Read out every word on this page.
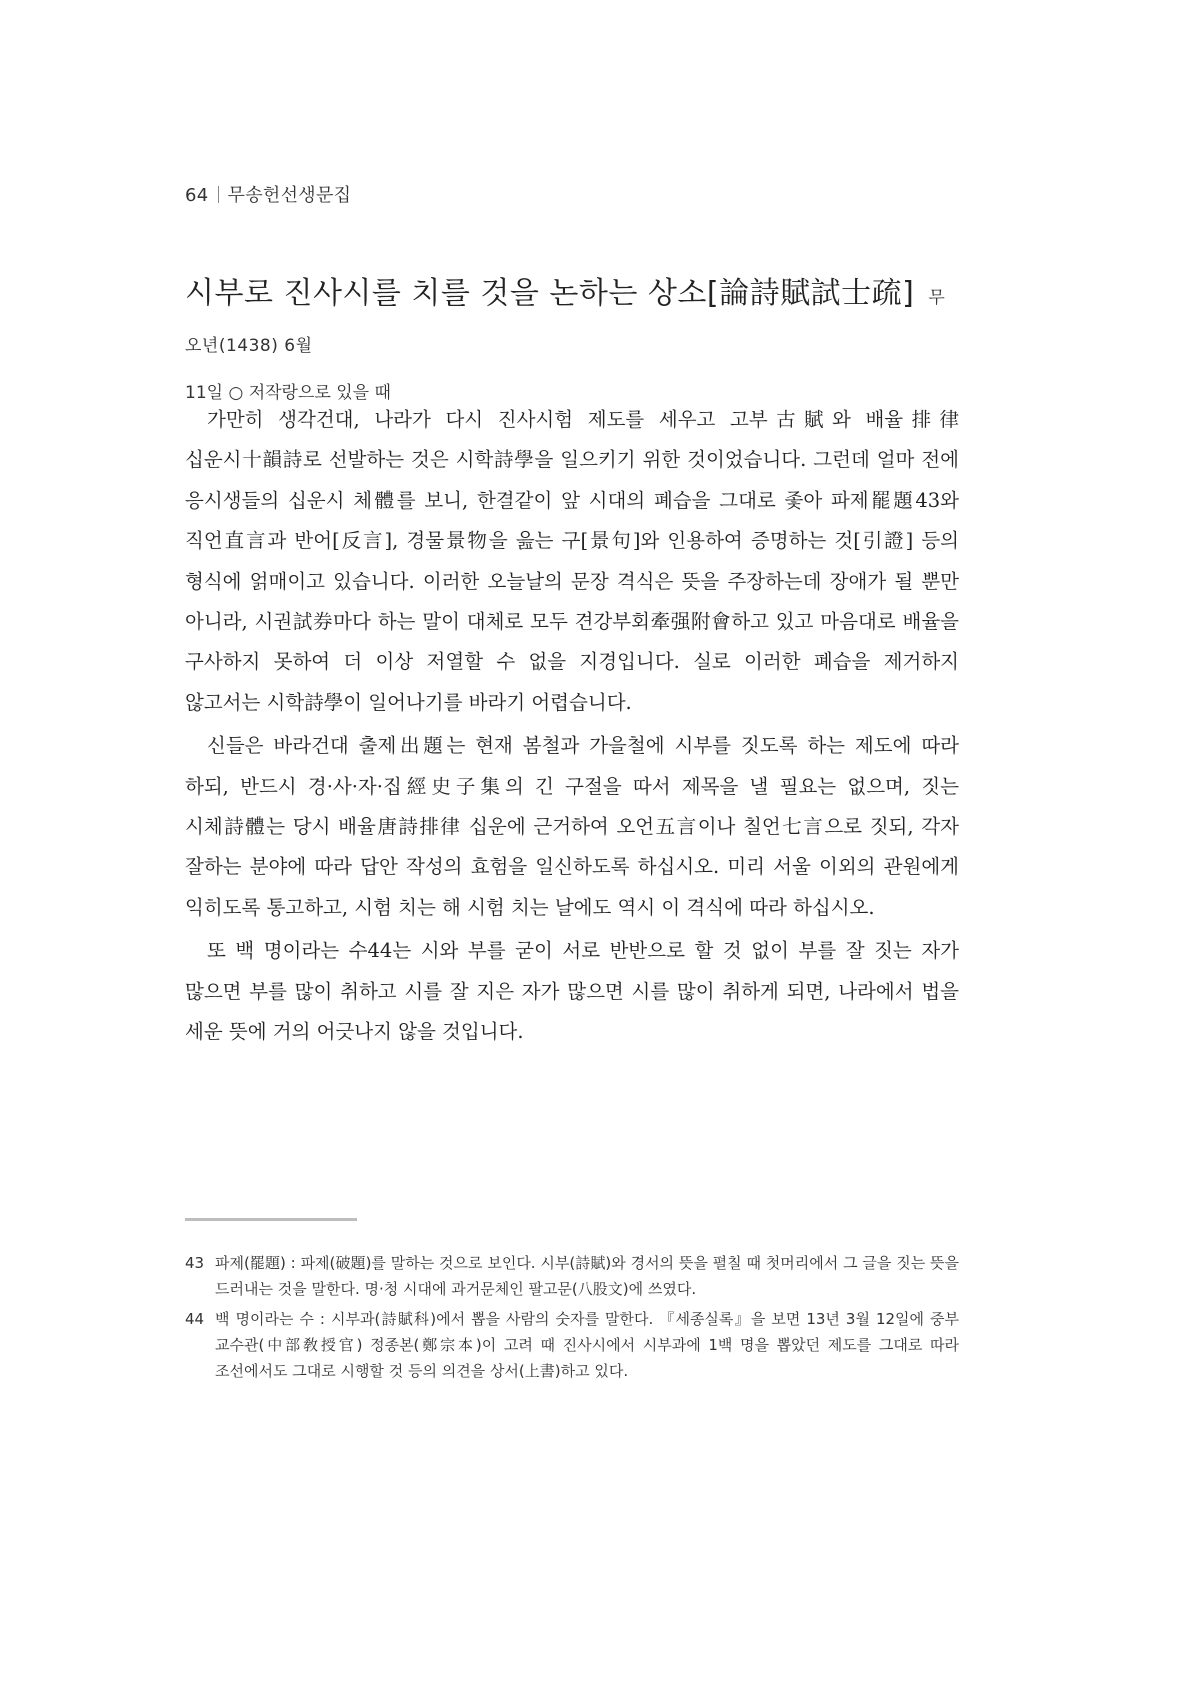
64 무송헌선생문집
시부로 진사시를 치를 것을 논하는 상소[論詩賦試士疏] 무오년(1438) 6월
11일 ○ 저작랑으로 있을 때

가만히 생각건대, 나라가 다시 진사시험 제도를 세우고 고부古賦와 배율排律 십운시十韻詩로 선발하는 것은 시학詩學을 일으키기 위한 것이었습니다. 그런데 얼마 전에 응시생들의 십운시 체體를 보니, 한결같이 앞 시대의 폐습을 그대로 좇아 파제罷題43와 직언直言과 반어[反言], 경물景物을 읊는 구[景句]와 인용하여 증명하는 것[引證] 등의 형식에 얽매이고 있습니다. 이러한 오늘날의 문장 격식은 뜻을 주장하는데 장애가 될 뿐만 아니라, 시권試券마다 하는 말이 대체로 모두 견강부회牽强附會하고 있고 마음대로 배율을 구사하지 못하여 더 이상 저열할 수 없을 지경입니다. 실로 이러한 폐습을 제거하지 않고서는 시학詩學이 일어나기를 바라기 어렵습니다.

신들은 바라건대 출제出題는 현재 봄철과 가을철에 시부를 짓도록 하는 제도에 따라 하되, 반드시 경·사·자·집經史子集의 긴 구절을 따서 제목을 낼 필요는 없으며, 짓는 시체詩體는 당시 배율唐詩排律 십운에 근거하여 오언五言이나 칠언七言으로 짓되, 각자 잘하는 분야에 따라 답안 작성의 효험을 일신하도록 하십시오. 미리 서울 이외의 관원에게 익히도록 통고하고, 시험 치는 해 시험 치는 날에도 역시 이 격식에 따라 하십시오.

또 백 명이라는 수44는 시와 부를 굳이 서로 반반으로 할 것 없이 부를 잘 짓는 자가 많으면 부를 많이 취하고 시를 잘 지은 자가 많으면 시를 많이 취하게 되면, 나라에서 법을 세운 뜻에 거의 어긋나지 않을 것입니다.

43 파제(罷題) : 파제(破題)를 말하는 것으로 보인다. 시부(詩賦)와 경서의 뜻을 펼칠 때 첫머리에서 그 글을 짓는 뜻을 드러내는 것을 말한다. 명·청 시대에 과거문체인 팔고문(八股文)에 쓰였다.
44 백 명이라는 수 : 시부과(詩賦科)에서 뽑을 사람의 숫자를 말한다. 『세종실록』을 보면 13년 3월 12일에 중부 교수관(中部敎授官) 정종본(鄭宗本)이 고려 때 진사시에서 시부과에 1백 명을 뽑았던 제도를 그대로 따라 조선에서도 그대로 시행할 것 등의 의견을 상서(上書)하고 있다.
